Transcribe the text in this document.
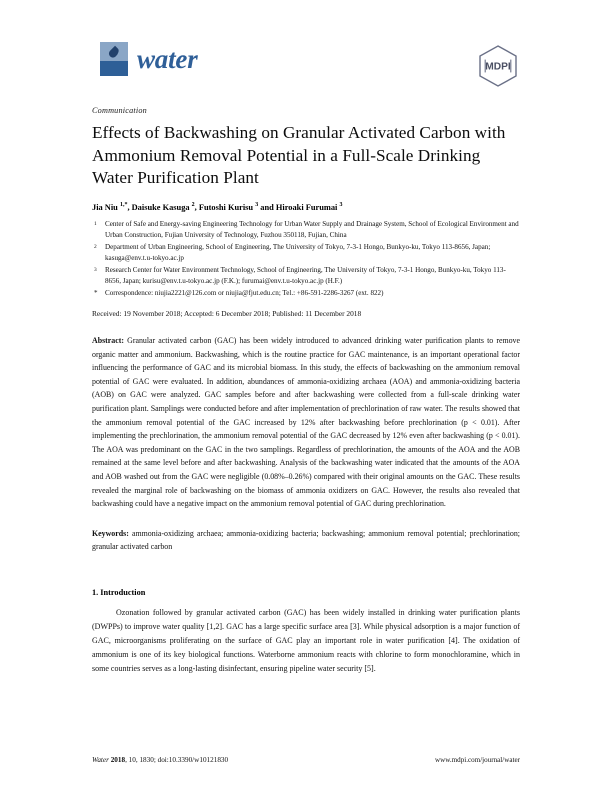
water	MDPI
Communication
Effects of Backwashing on Granular Activated Carbon with Ammonium Removal Potential in a Full-Scale Drinking Water Purification Plant
Jia Niu $^{1,*}$, Daisuke Kasuga $^2$, Futoshi Kurisu $^3$ and Hiroaki Furumai $^3$
1	Center of Safe and Energy-saving Engineering Technology for Urban Water Supply and Drainage System, School of Ecological Environment and Urban Construction, Fujian University of Technology, Fuzhou 350118, Fujian, China
2	Department of Urban Engineering, School of Engineering, The University of Tokyo, 7-3-1 Hongo, Bunkyo-ku, Tokyo 113-8656, Japan; kasuga@env.t.u-tokyo.ac.jp
3	Research Center for Water Environment Technology, School of Engineering, The University of Tokyo, 7-3-1 Hongo, Bunkyo-ku, Tokyo 113-8656, Japan; kurisu@env.t.u-tokyo.ac.jp (F.K.); furumai@env.t.u-tokyo.ac.jp (H.F.)
*	Correspondence: niujia2221@126.com or niujia@fjut.edu.cn; Tel.: +86-591-2286-3267 (ext. 822)
Received: 19 November 2018; Accepted: 6 December 2018; Published: 11 December 2018
Abstract: Granular activated carbon (GAC) has been widely introduced to advanced drinking water purification plants to remove organic matter and ammonium. Backwashing, which is the routine practice for GAC maintenance, is an important operational factor influencing the performance of GAC and its microbial biomass. In this study, the effects of backwashing on the ammonium removal potential of GAC were evaluated. In addition, abundances of ammonia-oxidizing archaea (AOA) and ammonia-oxidizing bacteria (AOB) on GAC were analyzed. GAC samples before and after backwashing were collected from a full-scale drinking water purification plant. Samplings were conducted before and after implementation of prechlorination of raw water. The results showed that the ammonium removal potential of the GAC increased by 12% after backwashing before prechlorination (p < 0.01). After implementing the prechlorination, the ammonium removal potential of the GAC decreased by 12% even after backwashing (p < 0.01). The AOA was predominant on the GAC in the two samplings. Regardless of prechlorination, the amounts of the AOA and the AOB remained at the same level before and after backwashing. Analysis of the backwashing water indicated that the amounts of the AOA and AOB washed out from the GAC were negligible (0.08%–0.26%) compared with their original amounts on the GAC. These results revealed the marginal role of backwashing on the biomass of ammonia oxidizers on GAC. However, the results also revealed that backwashing could have a negative impact on the ammonium removal potential of GAC during prechlorination.
Keywords: ammonia-oxidizing archaea; ammonia-oxidizing bacteria; backwashing; ammonium removal potential; prechlorination; granular activated carbon
1. Introduction
Ozonation followed by granular activated carbon (GAC) has been widely installed in drinking water purification plants (DWPPs) to improve water quality [1,2]. GAC has a large specific surface area [3]. While physical adsorption is a major function of GAC, microorganisms proliferating on the surface of GAC play an important role in water purification [4]. The oxidation of ammonium is one of its key biological functions. Waterborne ammonium reacts with chlorine to form monochloramine, which in some countries serves as a long-lasting disinfectant, ensuring pipeline water security [5].
Water 2018, 10, 1830; doi:10.3390/w10121830	www.mdpi.com/journal/water
